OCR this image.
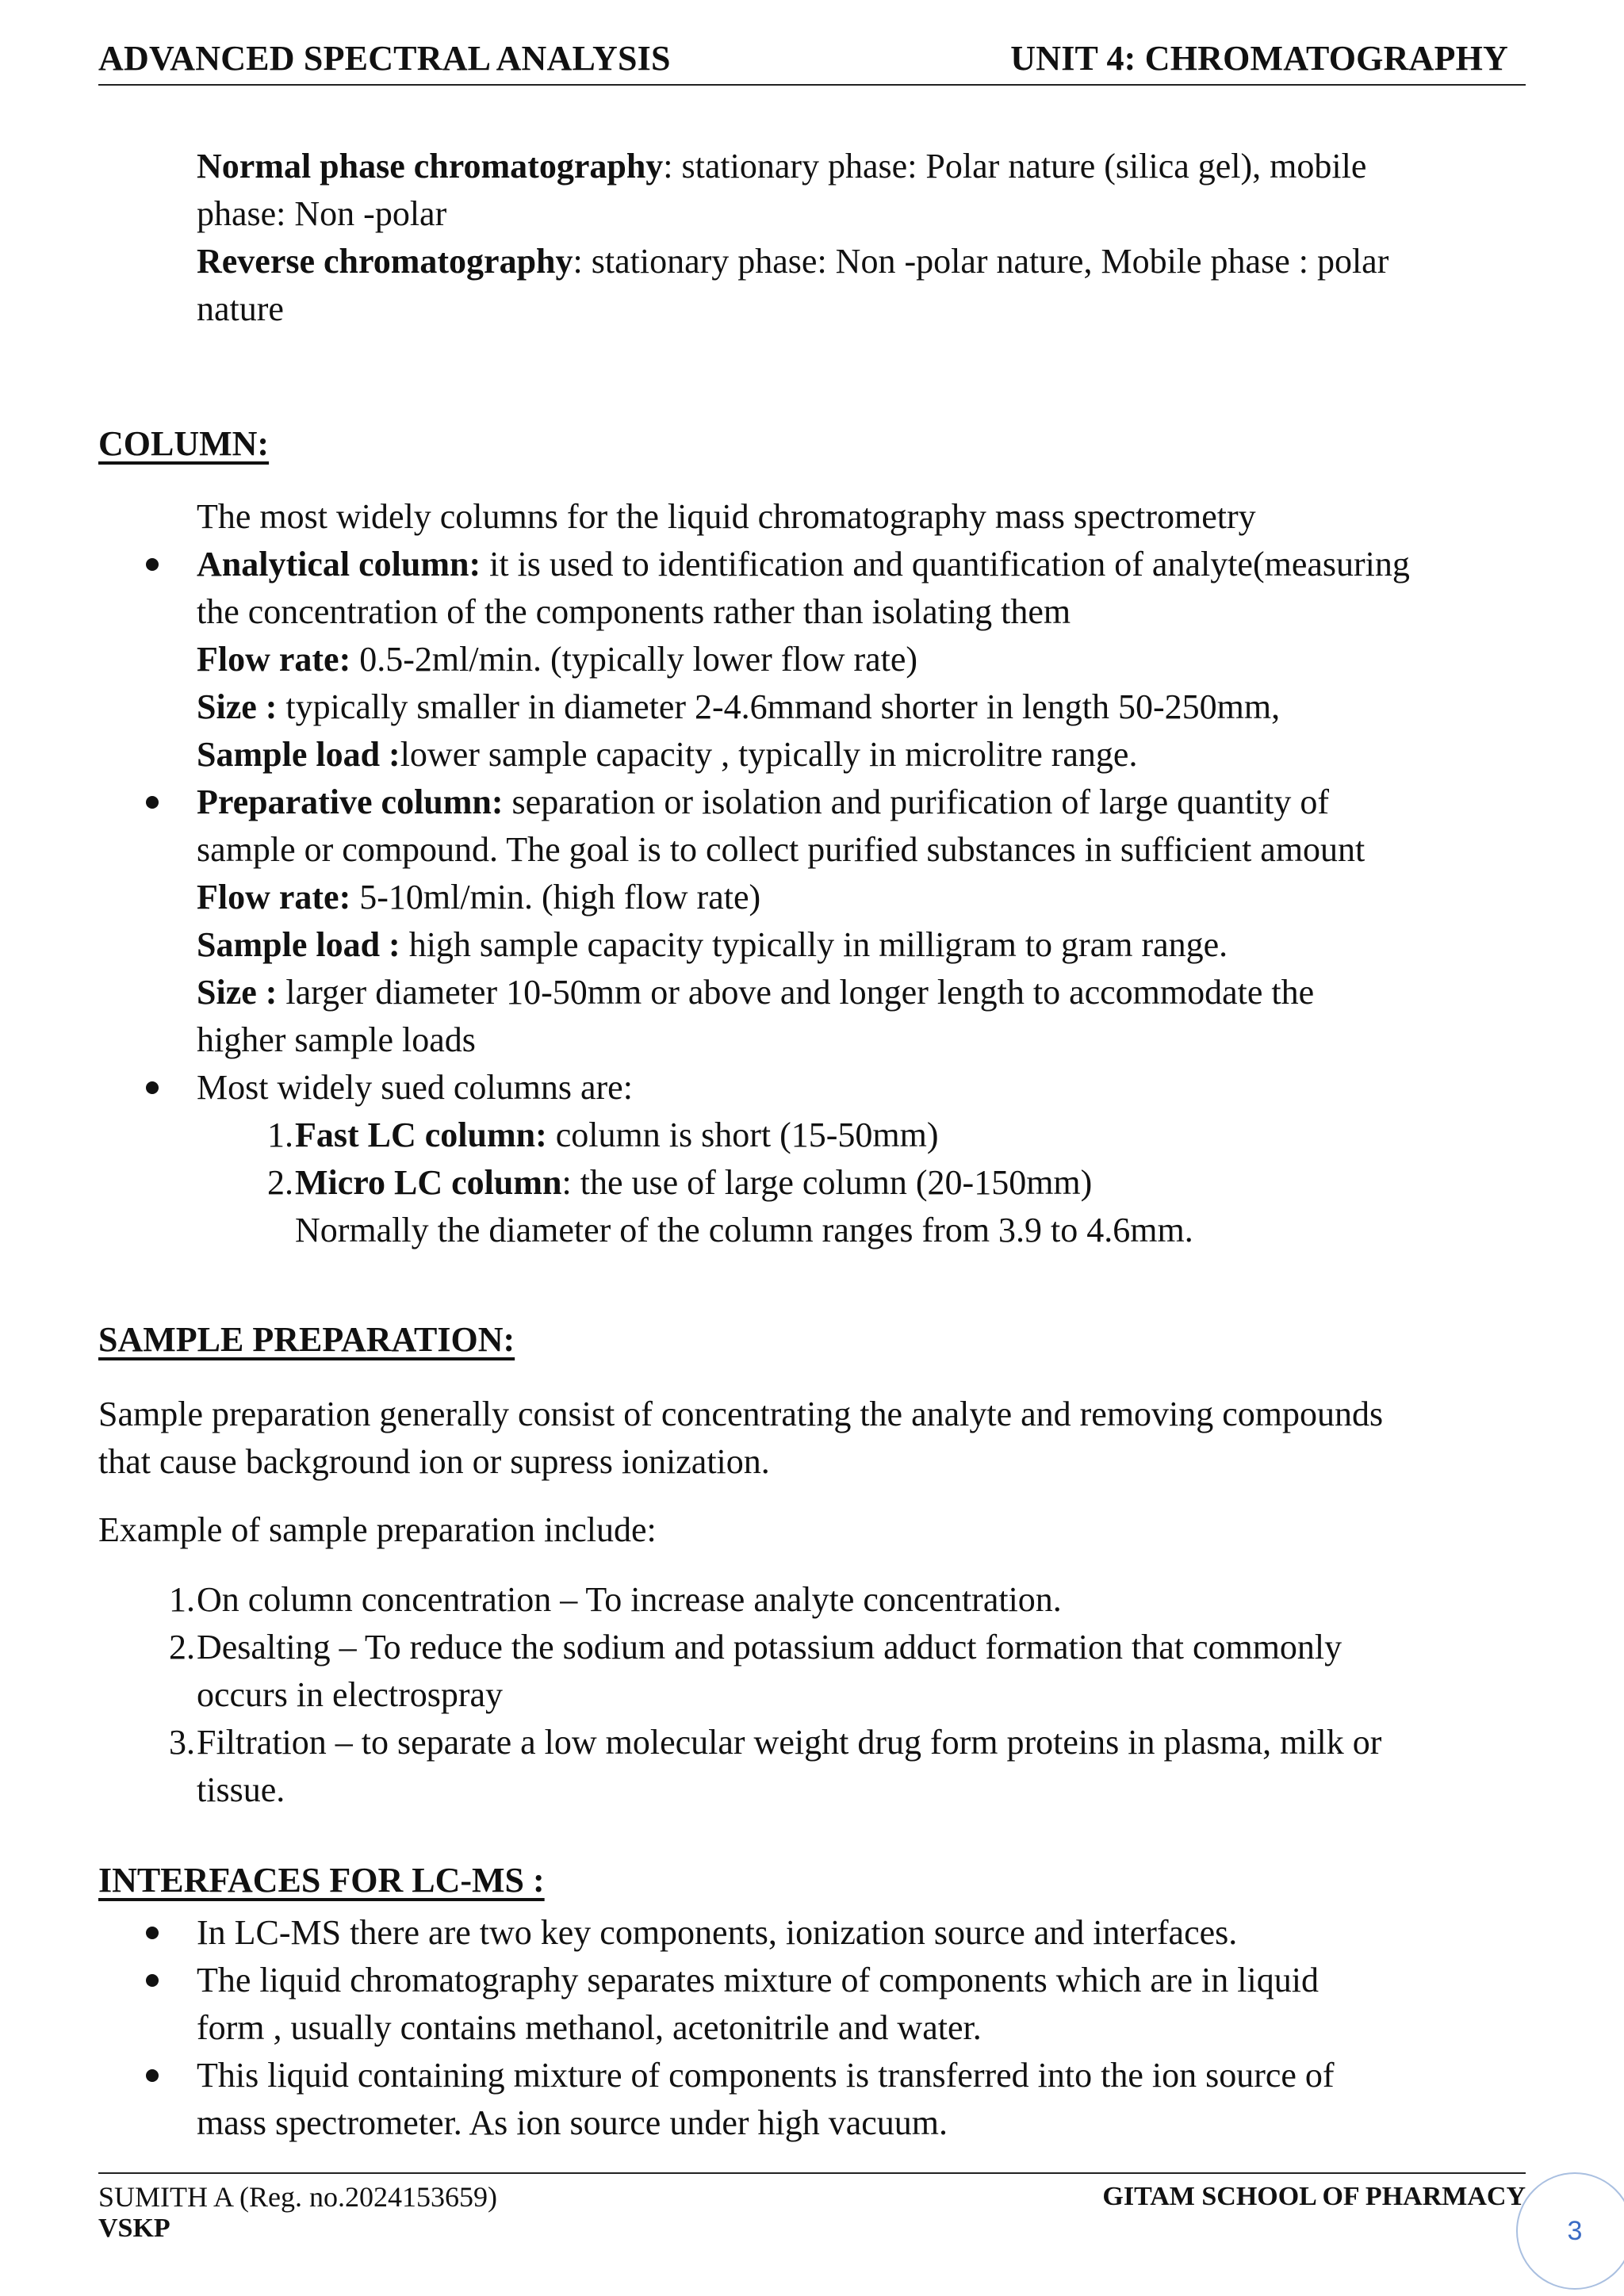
ADVANCED SPECTRAL ANALYSIS	UNIT 4: CHROMATOGRAPHY
Normal phase chromatography: stationary phase: Polar nature (silica gel), mobile
phase: Non -polar
Reverse chromatography: stationary phase: Non -polar nature, Mobile phase : polar
nature
COLUMN:
The most widely columns for the liquid chromatography mass spectrometry
Analytical column: it is used to identification and quantification of analyte(measuring
the concentration of the components rather than isolating them
Flow rate: 0.5-2ml/min. (typically lower flow rate)
Size : typically smaller in diameter 2-4.6mmand shorter in length 50-250mm,
Sample load :lower sample capacity , typically in microlitre range.
Preparative column: separation or isolation and purification of large quantity of
sample or compound. The goal is to collect purified substances in sufficient amount
Flow rate: 5-10ml/min. (high flow rate)
Sample load : high sample capacity typically in milligram to gram range.
Size : larger diameter 10-50mm or above and longer length to accommodate the
higher sample loads
Most widely sued columns are:
1. Fast LC column: column is short (15-50mm)
2. Micro LC column: the use of large column (20-150mm)
Normally the diameter of the column ranges from 3.9 to 4.6mm.
SAMPLE PREPARATION:
Sample preparation generally consist of concentrating the analyte and removing compounds
that cause background ion or supress ionization.
Example of sample preparation include:
1. On column concentration – To increase analyte concentration.
2. Desalting – To reduce the sodium and potassium adduct formation that commonly
occurs in electrospray
3. Filtration – to separate a low molecular weight drug form proteins in plasma, milk or
tissue.
INTERFACES FOR LC-MS :
In LC-MS there are two key components, ionization source and interfaces.
The liquid chromatography separates mixture of components which are in liquid
form , usually contains methanol, acetonitrile and water.
This liquid containing mixture of components is transferred into the ion source of
mass spectrometer. As ion source under high vacuum.
SUMITH A (Reg. no.2024153659)
VSKP
GITAM SCHOOL OF PHARMACY
3
